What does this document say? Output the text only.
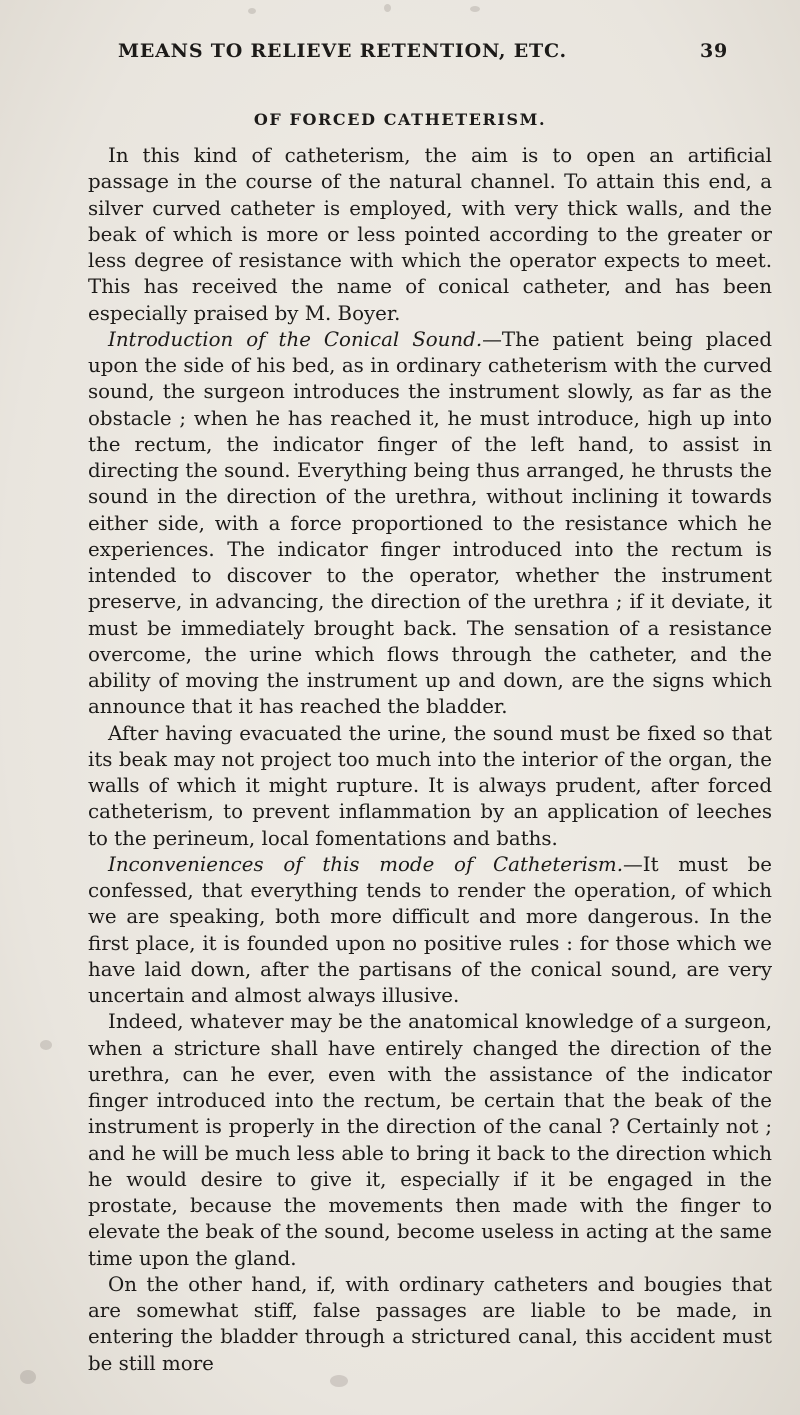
MEANS TO RELIEVE RETENTION, ETC.	39
OF FORCED CATHETERISM.

In this kind of catheterism, the aim is to open an artificial passage in the course of the natural channel. To attain this end, a silver curved catheter is employed, with very thick walls, and the beak of which is more or less pointed according to the greater or less degree of resistance with which the operator expects to meet. This has received the name of conical catheter, and has been especially praised by M. Boyer.

Introduction of the Conical Sound.—The patient being placed upon the side of his bed, as in ordinary catheterism with the curved sound, the surgeon introduces the instrument slowly, as far as the obstacle ; when he has reached it, he must introduce, high up into the rectum, the indicator finger of the left hand, to assist in directing the sound. Everything being thus arranged, he thrusts the sound in the direction of the urethra, without inclining it towards either side, with a force proportioned to the resistance which he experiences. The indicator finger introduced into the rectum is intended to discover to the operator, whether the instrument preserve, in advancing, the direction of the urethra ; if it deviate, it must be immediately brought back. The sensation of a resistance overcome, the urine which flows through the catheter, and the ability of moving the instrument up and down, are the signs which announce that it has reached the bladder.

After having evacuated the urine, the sound must be fixed so that its beak may not project too much into the interior of the organ, the walls of which it might rupture. It is always prudent, after forced catheterism, to prevent inflammation by an application of leeches to the perineum, local fomentations and baths.

Inconveniences of this mode of Catheterism.—It must be confessed, that everything tends to render the operation, of which we are speaking, both more difficult and more dangerous. In the first place, it is founded upon no positive rules : for those which we have laid down, after the partisans of the conical sound, are very uncertain and almost always illusive.

Indeed, whatever may be the anatomical knowledge of a surgeon, when a stricture shall have entirely changed the direction of the urethra, can he ever, even with the assistance of the indicator finger introduced into the rectum, be certain that the beak of the instrument is properly in the direction of the canal ? Certainly not ; and he will be much less able to bring it back to the direction which he would desire to give it, especially if it be engaged in the prostate, because the movements then made with the finger to elevate the beak of the sound, become useless in acting at the same time upon the gland.

On the other hand, if, with ordinary catheters and bougies that are somewhat stiff, false passages are liable to be made, in entering the bladder through a strictured canal, this accident must be still more
